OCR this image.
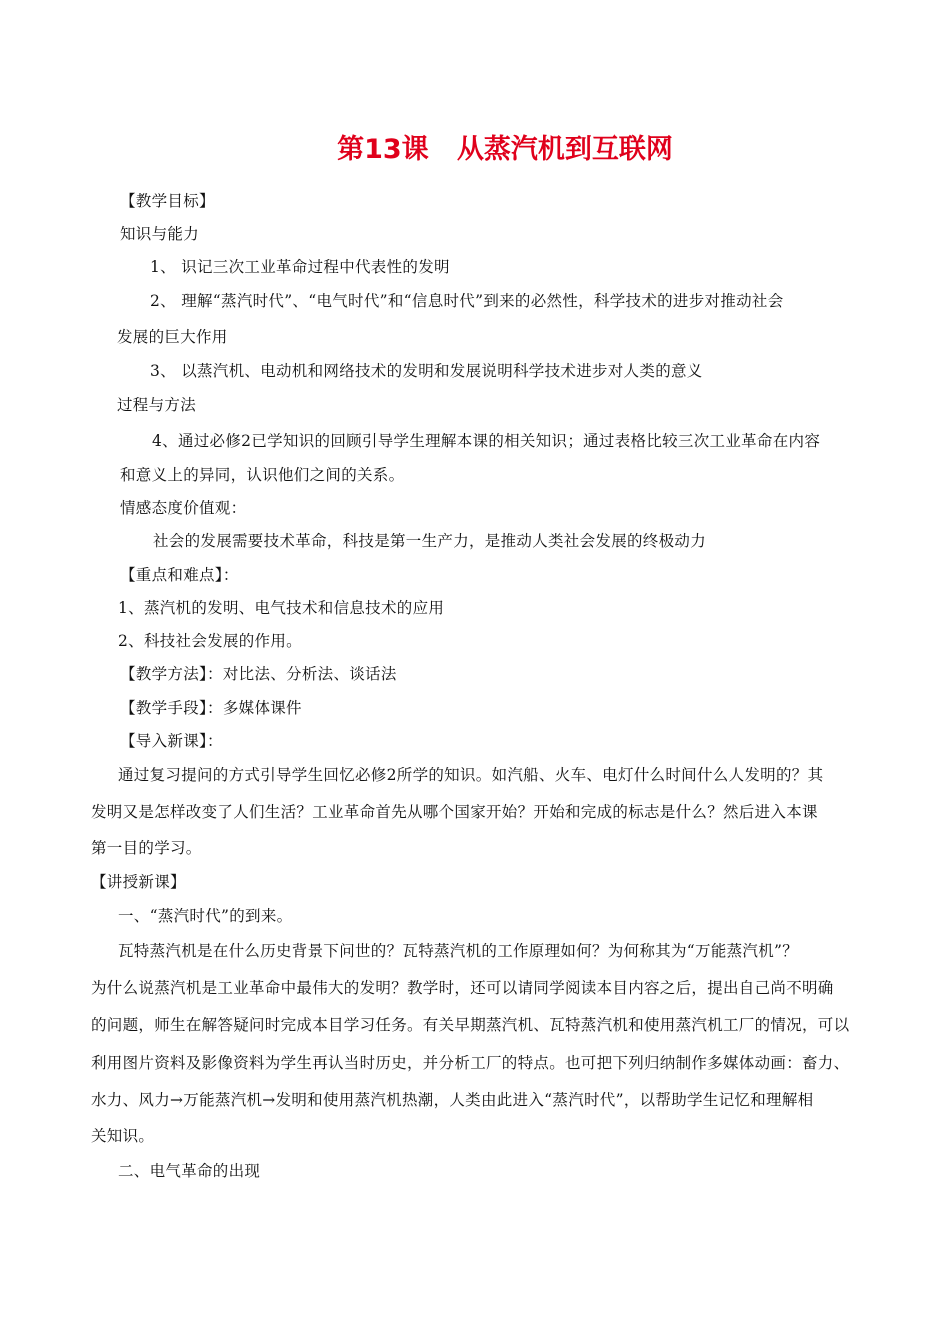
第13课   从蒸汽机到互联网
【教学目标】
知识与能力
1、 识记三次工业革命过程中代表性的发明
2、 理解“蒸汽时代”、“电气时代”和“信息时代”到来的必然性，科学技术的进步对推动社会
发展的巨大作用
3、 以蒸汽机、电动机和网络技术的发明和发展说明科学技术进步对人类的意义
过程与方法
4、通过必修2已学知识的回顾引导学生理解本课的相关知识；通过表格比较三次工业革命在内容
和意义上的异同，认识他们之间的关系。
情感态度价值观：
社会的发展需要技术革命，科技是第一生产力，是推动人类社会发展的终极动力
【重点和难点】：
1、蒸汽机的发明、电气技术和信息技术的应用
2、科技社会发展的作用。
【教学方法】：对比法、分析法、谈话法
【教学手段】：多媒体课件
【导入新课】：
通过复习提问的方式引导学生回忆必修2所学的知识。如汽船、火车、电灯什么时间什么人发明的？其
发明又是怎样改变了人们生活？工业革命首先从哪个国家开始？开始和完成的标志是什么？然后进入本课
第一目的学习。
【讲授新课】
一、“蒸汽时代”的到来。
瓦特蒸汽机是在什么历史背景下问世的？瓦特蒸汽机的工作原理如何？为何称其为“万能蒸汽机”？
为什么说蒸汽机是工业革命中最伟大的发明？教学时，还可以请同学阅读本目内容之后，提出自己尚不明确
的问题，师生在解答疑问时完成本目学习任务。有关早期蒸汽机、瓦特蒸汽机和使用蒸汽机工厂的情况，可以
利用图片资料及影像资料为学生再认当时历史，并分析工厂的特点。也可把下列归纳制作多媒体动画：畜力、
水力、风力→万能蒸汽机→发明和使用蒸汽机热潮，人类由此进入“蒸汽时代”，以帮助学生记忆和理解相
关知识。
二、电气革命的出现
